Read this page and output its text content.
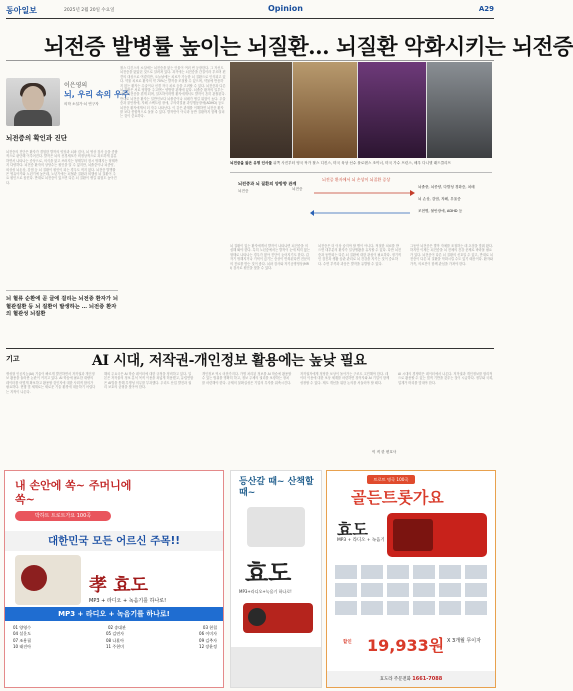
동아일보	2025년 2월 20일 수요일	Opinion	A29
뇌전증 발병률 높이는 뇌질환… 뇌질환 악화시키는 뇌전증
이은영의
뇌, 우리 속의 우주
의학 소설가·뇌 연구자
뇌전증의 확인과 진단
뇌전증의 진단은 환자가 경험한 발작의 양상과 뇌파 검사, 뇌 영상 검사 등을 종합적으로 판단해 이루어진다. 발작은 뇌의 신경세포가 비정상적으로 과도하게 흥분하면서 나타나는 증상으로, 의식을 잃고 쓰러지는 형태부터 잠시 멍해지는 형태까지 다양하다. 뇌전증 환자의 상당수는 원인을 알 수 없지만, 뇌졸중이나 뇌종양, 외상성 뇌손상, 감염 등 뇌 질환이 원인이 되는 경우도 적지 않다. 뇌전증 발병률은 영유아기와 노년기에 높은데, 노년기에는 뇌혈관 질환과 퇴행성 뇌 질환이 주요 원인으로 꼽힌다. 반대로 뇌전증이 있으면 다른 뇌 질환이 생길 위험도 높아진다.
뇌 혈류 순환에 곧 글에 걸리는 뇌전증 환자가 뇌 혈관질환 등 뇌 질환이 발생하는 … 뇌전증 환자의 혈관성 뇌질환
찰스 디킨스의 소설에는 뇌전증을 앓는 인물이 여러 번 등장한다. 그 자신도 뇌전증을 앓았던 것으로 알려져 있다. 과거에는 뇌전증을 간질이라 부르며 편견의 대상으로 여겼지만, 오늘날에는 치료가 가능한 뇌 질환으로 인식되고 있다. 약물 치료로 환자의 약 70%는 발작을 조절할 수 있으며, 약물에 반응하지 않는 환자는 수술이나 신경 자극 치료 등을 고려할 수 있다. 뇌전증과 다른 뇌 질환은 서로 영향을 주고받는 양방향 관계에 있다. 뇌졸중 환자의 일부는 이후 뇌전증을 겪게 되며, 알츠하이머병 환자에게서도 발작이 흔히 관찰된다. 반대로 뇌전증 환자는 일반인보다 뇌졸중이나 치매가 생길 위험이 높다. 우울증과 불안장애, 자폐 스펙트럼 장애, 주의력결핍 과잉행동장애(ADHD) 등도 뇌전증 환자에게서 더 자주 나타난다. 이 같은 관계를 이해하면 뇌전증 환자를 보다 종합적으로 돌볼 수 있다. 발작만이 아니라 동반 질환까지 함께 살피는 것이 중요하다.
뇌전증을 앓은 유명 인사들 위쪽 사진부터 영국 작가 찰스 디킨스, 미국 육상 선수 플로렌스 조이너, 미국 가수 프린스, 배우 다니엘 래드클리프
뇌전증과 뇌 질환의 양방향 관계
뇌전증	뇌전증
뇌전증 환자에서 뇌 손상이 뇌질환 증상
뇌졸중, 뇌종양, 다발성 경화증, 치매
뇌 손상, 감염, 자폐, 우울증
조현병, 불안장애, ADHD 등
뇌 질환이 있는 환자에게서 발작이 나타나면 뇌전증을 의심해 봐야 한다. 특히 노년층에서는 발작이 눈에 띄지 않는 형태로 나타나는 경우가 많아 진단이 늦어지기도 한다. 갑자기 멍해지거나 기억이 끊기는 증상이 반복된다면 전문의의 진료를 받는 것이 좋다. 뇌파 검사와 자기공명영상(MRI) 검사로 원인을 찾을 수 있다.
뇌전증은 더 이상 숨겨야 할 병이 아니다. 적절한 치료를 받으면 대부분의 환자가 일상생활을 유지할 수 있다. 다만 뇌전증과 동반되는 다른 뇌 질환에 대한 관심이 필요하다. 정기적인 검진과 생활 습관 관리로 뇌 건강을 지키는 것이 중요하다. 수면 부족과 과음은 발작을 유발할 수 있다.
그동안 뇌전증은 발작 자체를 조절하는 데 초점을 맞춰 왔다. 하지만 이제는 뇌전증을 뇌 전체의 건강 문제로 바라볼 필요가 있다. 뇌전증이 다른 뇌 질환의 신호일 수 있고, 반대로 뇌전증이 다른 뇌 질환을 악화시킬 수도 있기 때문이다. 환자와 가족, 의료진이 함께 관심을 가져야 한다.
기고	AI 시대, 저작권-개인정보 활용에는 높낮 필요
생성형 인공지능(AI) 기술이 빠르게 발전하면서 저작권과 개인정보 활용을 둘러싼 논란이 커지고 있다. AI 학습에 필요한 대량의 데이터를 어떻게 확보하고 활용할 것인지에 대한 사회적 합의가 필요하다. 현행 법 체계로는 새로운 기술 환경에 대응하기 어렵다는 지적이 나온다.
해외 주요국은 AI 학습 데이터에 대한 규정을 정비하고 있다. 일본은 저작물의 정보 분석 목적 이용을 폭넓게 허용했고, 유럽연합은 AI법을 통해 투명성 의무를 부과했다. 우리도 산업 발전과 권리 보호의 균형을 찾아야 한다.
개인정보 역시 마찬가지다. 가명 처리된 정보를 AI 학습에 활용할 수 있는 범위를 명확히 하고, 정보 주체의 권리를 보장하는 장치를 마련해야 한다. 규제의 불확실성은 기업의 투자를 위축시킨다.
저작권자에게 정당한 보상이 돌아가는 구조도 고민해야 한다. 데이터 이용에 대한 보상 체계를 마련하면 창작자와 AI 기업이 함께 성장할 수 있다. 제도 개선을 위한 논의를 서둘러야 할 때다.
AI 시대의 경쟁력은 데이터에서 나온다. 저작권과 개인정보를 합리적으로 활용할 수 있는 법적 기반을 갖추는 것이 시급하다. 정부와 국회, 업계가 머리를 맞대야 한다.
이 직 한 변호사
내 손안에 쏙~ 주머니에 쏙~
박하트 트로트가요 100곡
대한민국 모든 어르신 주목!!
孝 효도
MP3 + 라디오 + 녹음기를 하나로!
MP3 + 라디오 + 녹음기를 하나로!
01 양영수	02 송대관	03 현철
04 설운도	05 김연자	06 이미자
07 조용필	08 나훈아	09 김추자
10 태진아	11 주현미	12 장윤정
등산갈 때~ 산책할 때~
효도
MP3+라디오+녹음기 하나로!
트로트 명곡 100곡
골든트롯가요
효도
MP3 + 라디오 + 녹음기
할인 19,933원 X 3개월 무이자
효도라 주문전화 1661-7088
